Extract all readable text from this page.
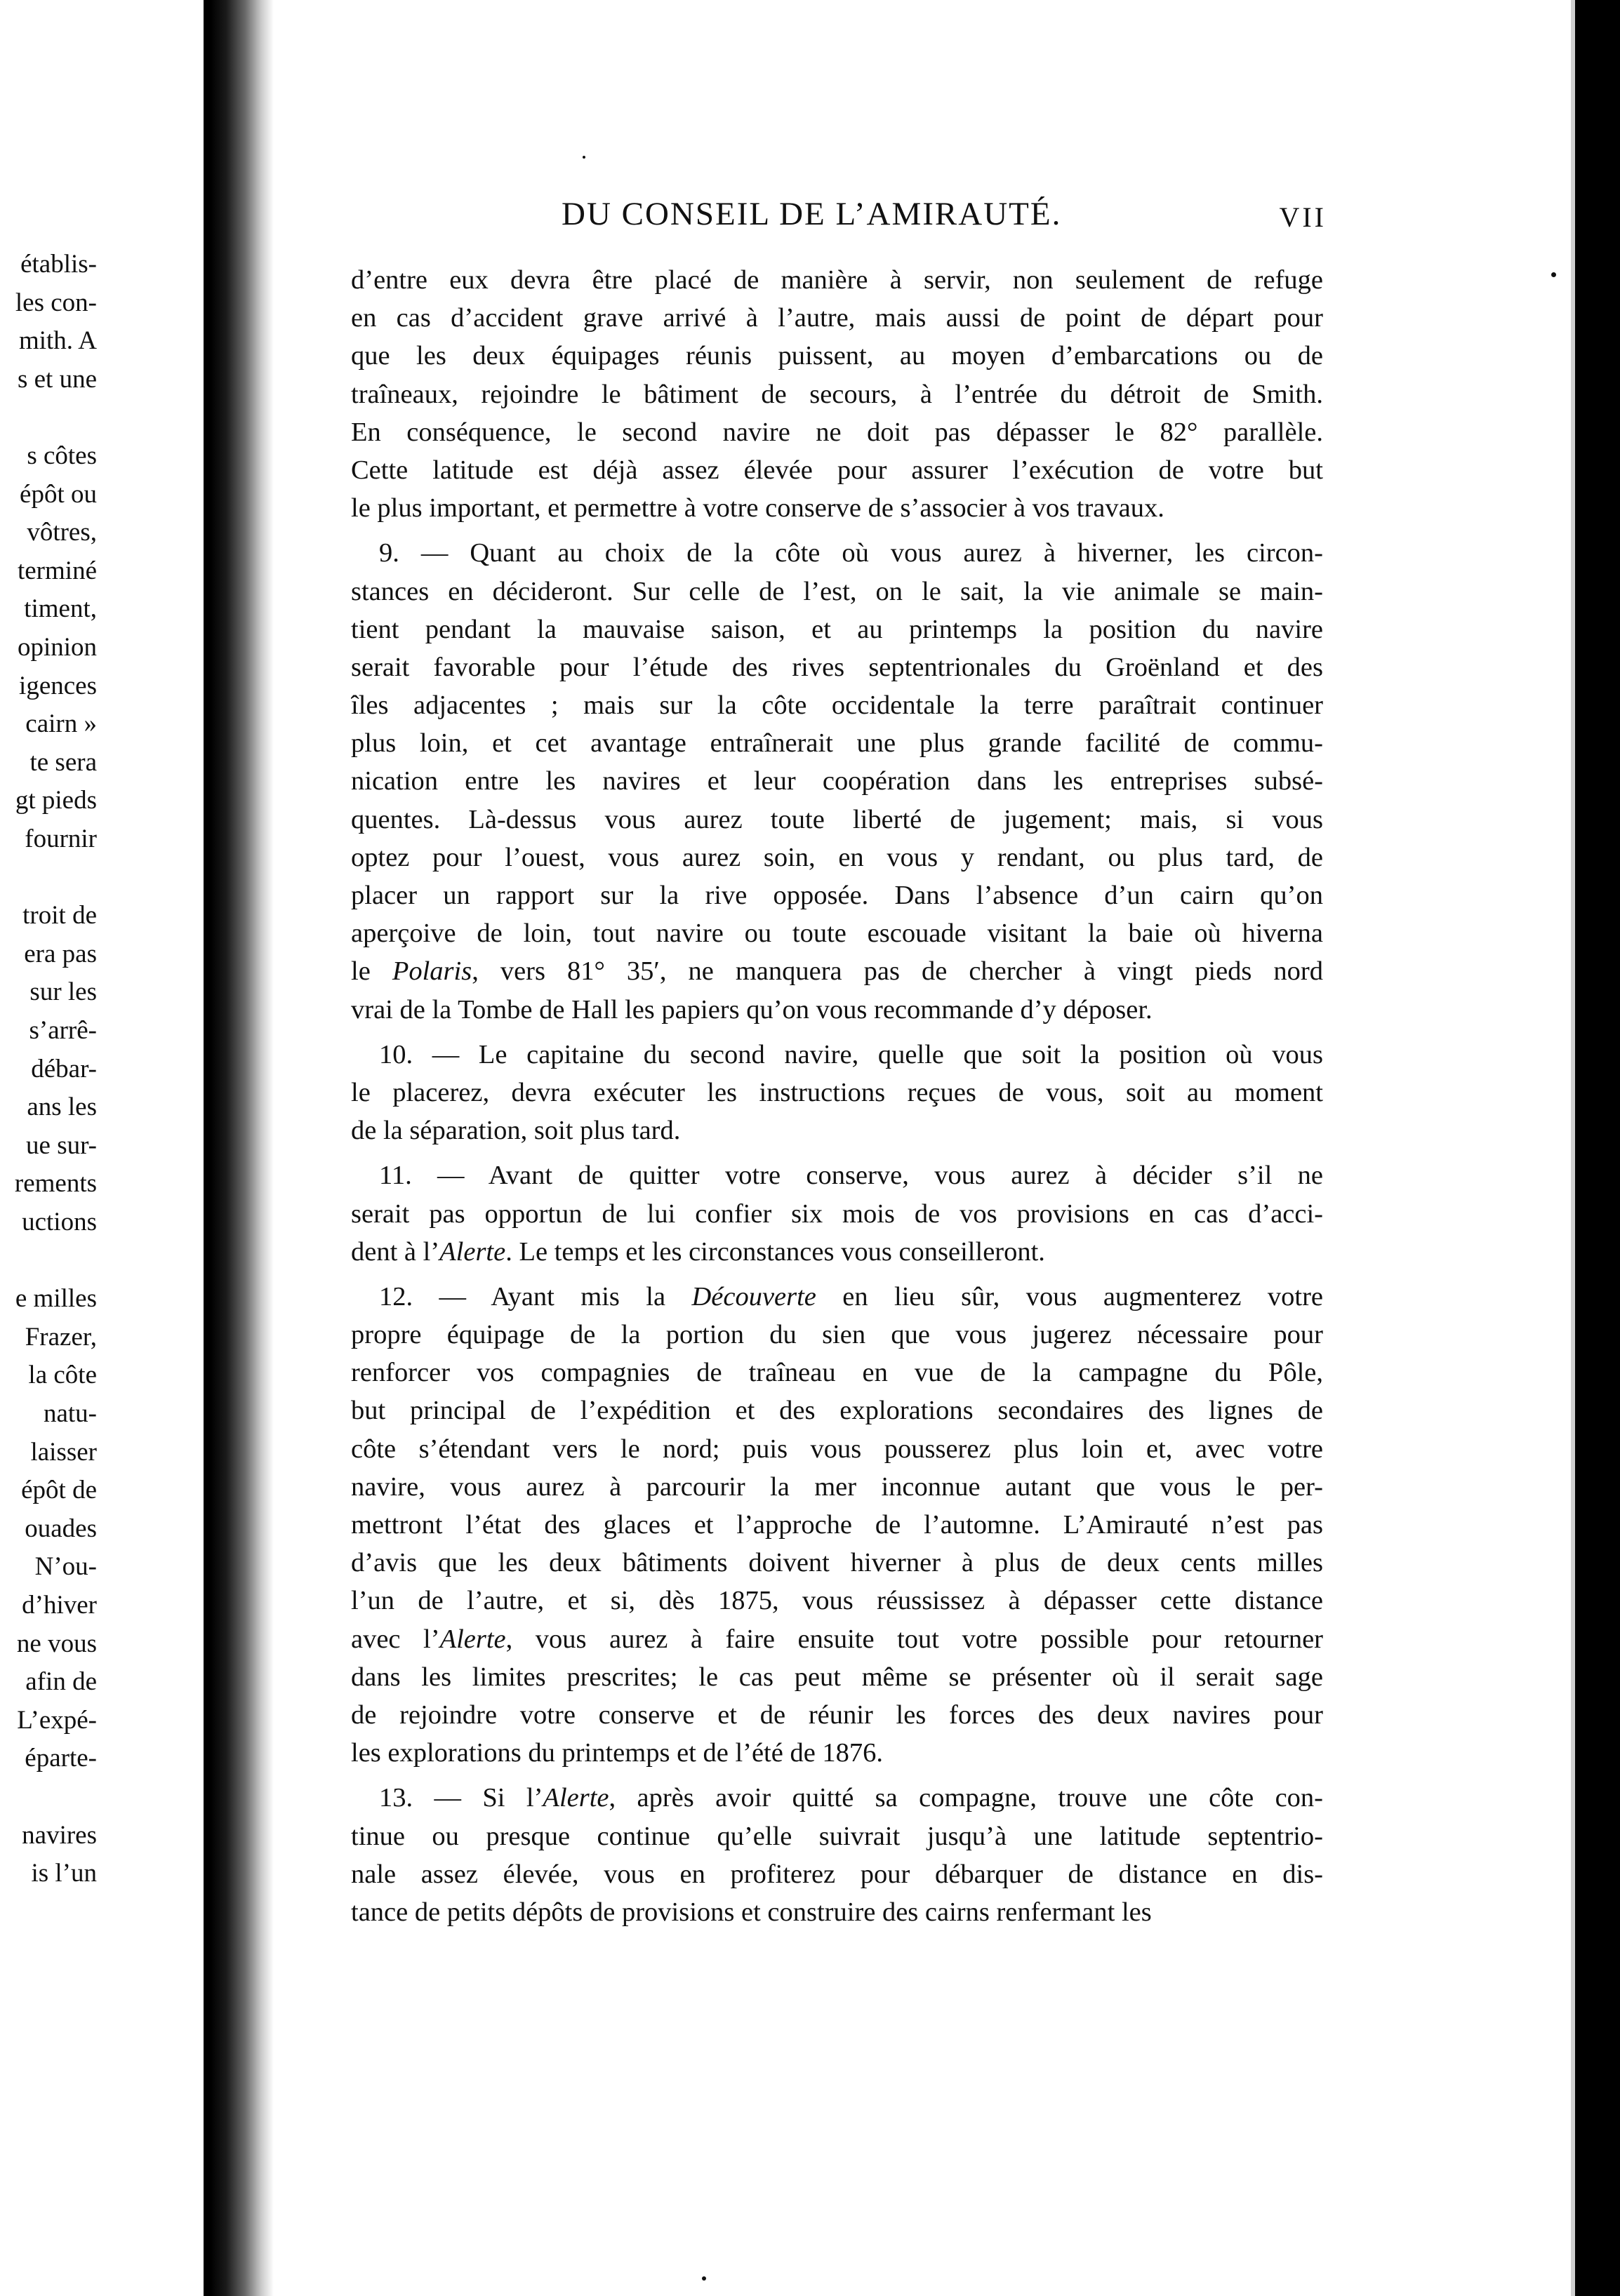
établis-
les con-
mith. A
s et une
s côtes
épôt ou
vôtres,
terminé
timent,
opinion
igences
cairn »
te sera
gt pieds
fournir
troit de
era pas
sur les
s’arrê-
débar-
ans les
ue sur-
rements
uctions
e milles
Frazer,
la côte
natu-
laisser
épôt de
ouades
N’ou-
d’hiver
ne vous
afin de
L’expé-
éparte-
navires
is l’un
DU CONSEIL DE L’AMIRAUTÉ.	VII
d’entre eux devra être placé de manière à servir, non seulement de refuge
en cas d’accident grave arrivé à l’autre, mais aussi de point de départ pour
que les deux équipages réunis puissent, au moyen d’embarcations ou de
traîneaux, rejoindre le bâtiment de secours, à l’entrée du détroit de Smith.
En conséquence, le second navire ne doit pas dépasser le 82° parallèle.
Cette latitude est déjà assez élevée pour assurer l’exécution de votre but
le plus important, et permettre à votre conserve de s’associer à vos travaux.
9. — Quant au choix de la côte où vous aurez à hiverner, les circon-
stances en décideront. Sur celle de l’est, on le sait, la vie animale se main-
tient pendant la mauvaise saison, et au printemps la position du navire
serait favorable pour l’étude des rives septentrionales du Groënland et des
îles adjacentes ; mais sur la côte occidentale la terre paraîtrait continuer
plus loin, et cet avantage entraînerait une plus grande facilité de commu-
nication entre les navires et leur coopération dans les entreprises subsé-
quentes. Là-dessus vous aurez toute liberté de jugement; mais, si vous
optez pour l’ouest, vous aurez soin, en vous y rendant, ou plus tard, de
placer un rapport sur la rive opposée. Dans l’absence d’un cairn qu’on
aperçoive de loin, tout navire ou toute escouade visitant la baie où hiverna
le Polaris, vers 81° 35′, ne manquera pas de chercher à vingt pieds nord
vrai de la Tombe de Hall les papiers qu’on vous recommande d’y déposer.
10. — Le capitaine du second navire, quelle que soit la position où vous
le placerez, devra exécuter les instructions reçues de vous, soit au moment
de la séparation, soit plus tard.
11. — Avant de quitter votre conserve, vous aurez à décider s’il ne
serait pas opportun de lui confier six mois de vos provisions en cas d’acci-
dent à l’Alerte. Le temps et les circonstances vous conseilleront.
12. — Ayant mis la Découverte en lieu sûr, vous augmenterez votre
propre équipage de la portion du sien que vous jugerez nécessaire pour
renforcer vos compagnies de traîneau en vue de la campagne du Pôle,
but principal de l’expédition et des explorations secondaires des lignes de
côte s’étendant vers le nord; puis vous pousserez plus loin et, avec votre
navire, vous aurez à parcourir la mer inconnue autant que vous le per-
mettront l’état des glaces et l’approche de l’automne. L’Amirauté n’est pas
d’avis que les deux bâtiments doivent hiverner à plus de deux cents milles
l’un de l’autre, et si, dès 1875, vous réussissez à dépasser cette distance
avec l’Alerte, vous aurez à faire ensuite tout votre possible pour retourner
dans les limites prescrites; le cas peut même se présenter où il serait sage
de rejoindre votre conserve et de réunir les forces des deux navires pour
les explorations du printemps et de l’été de 1876.
13. — Si l’Alerte, après avoir quitté sa compagne, trouve une côte con-
tinue ou presque continue qu’elle suivrait jusqu’à une latitude septentrio-
nale assez élevée, vous en profiterez pour débarquer de distance en dis-
tance de petits dépôts de provisions et construire des cairns renfermant les
